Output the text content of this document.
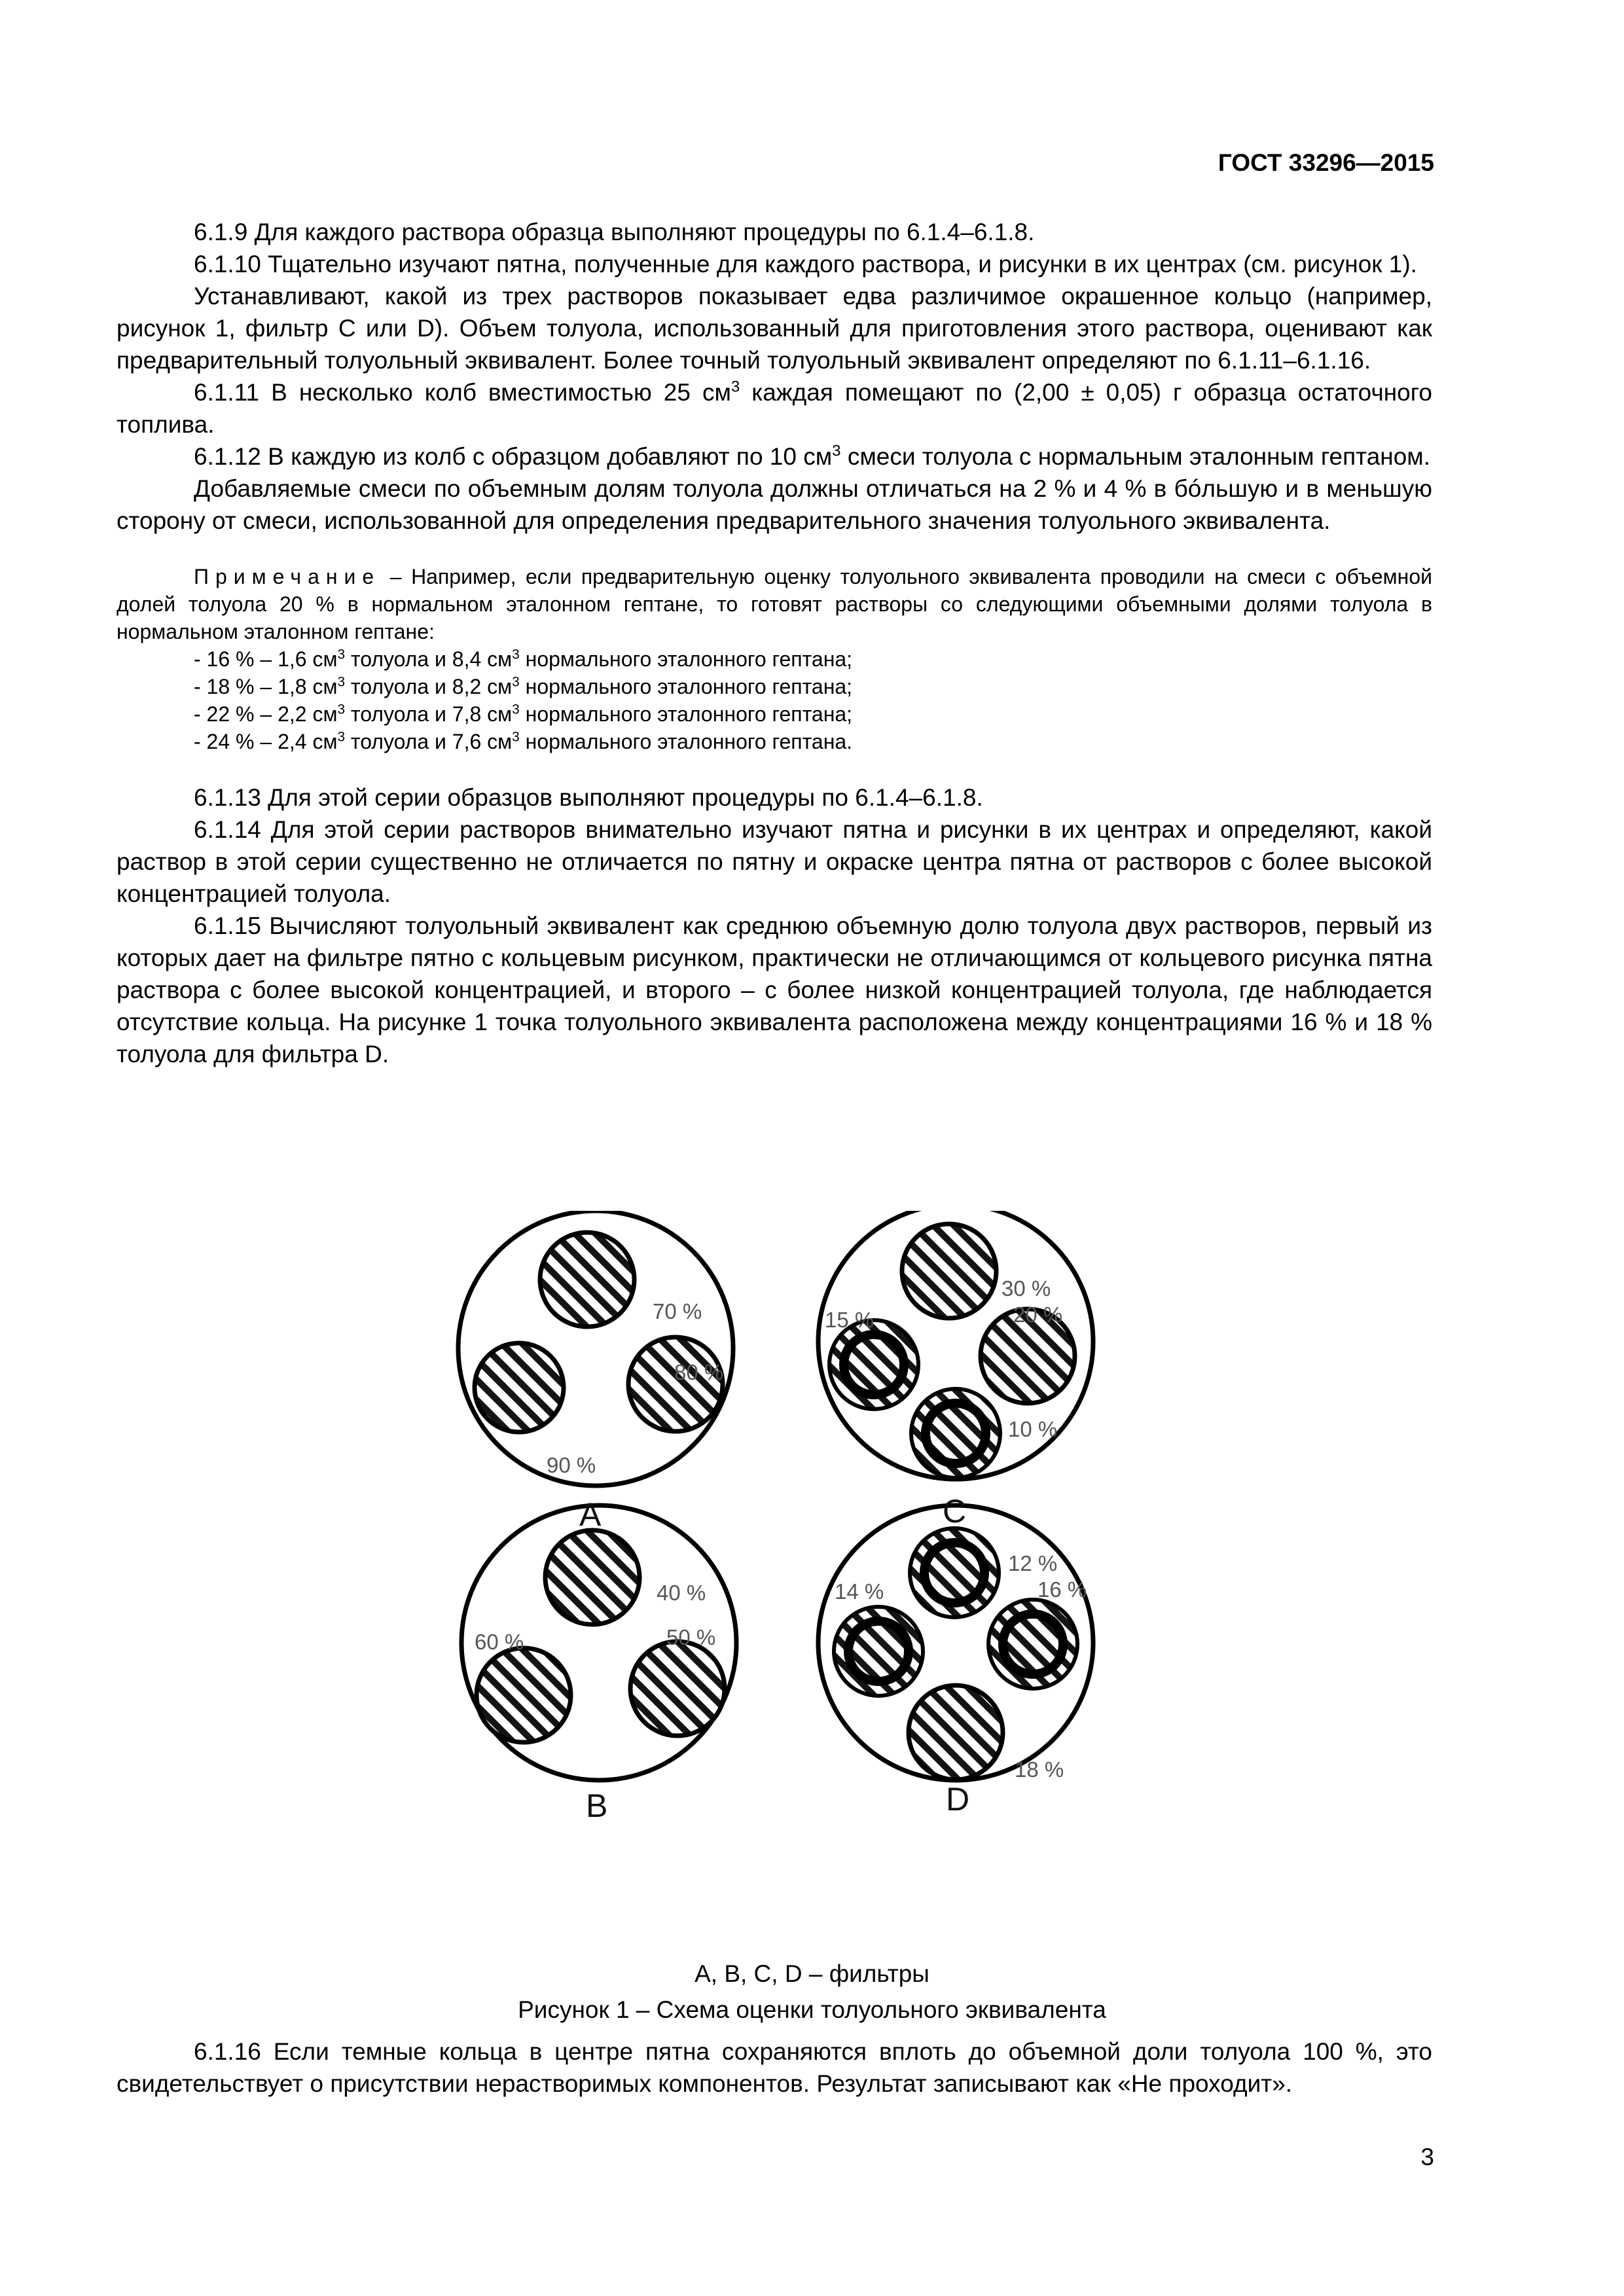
ГОСТ 33296—2015

6.1.9 Для каждого раствора образца выполняют процедуры по 6.1.4–6.1.8.

6.1.10 Тщательно изучают пятна, полученные для каждого раствора, и рисунки в их центрах (см. рисунок 1).

Устанавливают, какой из трех растворов показывает едва различимое окрашенное кольцо (например, рисунок 1, фильтр C или D). Объем толуола, использованный для приготовления этого раствора, оценивают как предварительный толуольный эквивалент. Более точный толуольный эквивалент определяют по 6.1.11–6.1.16.

6.1.11 В несколько колб вместимостью 25 $см^3$ каждая помещают по (2,00 ± 0,05) г образца остаточного топлива.

6.1.12 В каждую из колб с образцом добавляют по 10 $см^3$ смеси толуола с нормальным эталонным гептаном.

Добавляемые смеси по объемным долям толуола должны отличаться на 2 % и 4 % в бóльшую и в меньшую сторону от смеси, использованной для определения предварительного значения толуольного эквивалента.

Примечание – Например, если предварительную оценку толуольного эквивалента проводили на смеси с объемной долей толуола 20 % в нормальном эталонном гептане, то готовят растворы со следующими объемными долями толуола в нормальном эталонном гептане:

- 16 % – 1,6 $см^3$ толуола и 8,4 $см^3$ нормального эталонного гептана;
- 18 % – 1,8 $см^3$ толуола и 8,2 $см^3$ нормального эталонного гептана;
- 22 % – 2,2 $см^3$ толуола и 7,8 $см^3$ нормального эталонного гептана;
- 24 % – 2,4 $см^3$ толуола и 7,6 $см^3$ нормального эталонного гептана.

6.1.13 Для этой серии образцов выполняют процедуры по 6.1.4–6.1.8.

6.1.14 Для этой серии растворов внимательно изучают пятна и рисунки в их центрах и определяют, какой раствор в этой серии существенно не отличается по пятну и окраске центра пятна от растворов с более высокой концентрацией толуола.

6.1.15 Вычисляют толуольный эквивалент как среднюю объемную долю толуола двух растворов, первый из которых дает на фильтре пятно с кольцевым рисунком, практически не отличающимся от кольцевого рисунка пятна раствора с более высокой концентрацией, и второго – с более низкой концентрацией толуола, где наблюдается отсутствие кольца. На рисунке 1 точка толуольного эквивалента расположена между концентрациями 16 % и 18 % толуола для фильтра D.

70 %
80 %
90 %
A
30 %
20 %
15 %
10 %
C
40 %
50 %
60 %
B
12 %
16 %
14 %
18 %
D
A, B, C, D – фильтры
Рисунок 1 – Схема оценки толуольного эквивалента

6.1.16 Если темные кольца в центре пятна сохраняются вплоть до объемной доли толуола 100 %, это свидетельствует о присутствии нерастворимых компонентов. Результат записывают как «Не проходит».

3
